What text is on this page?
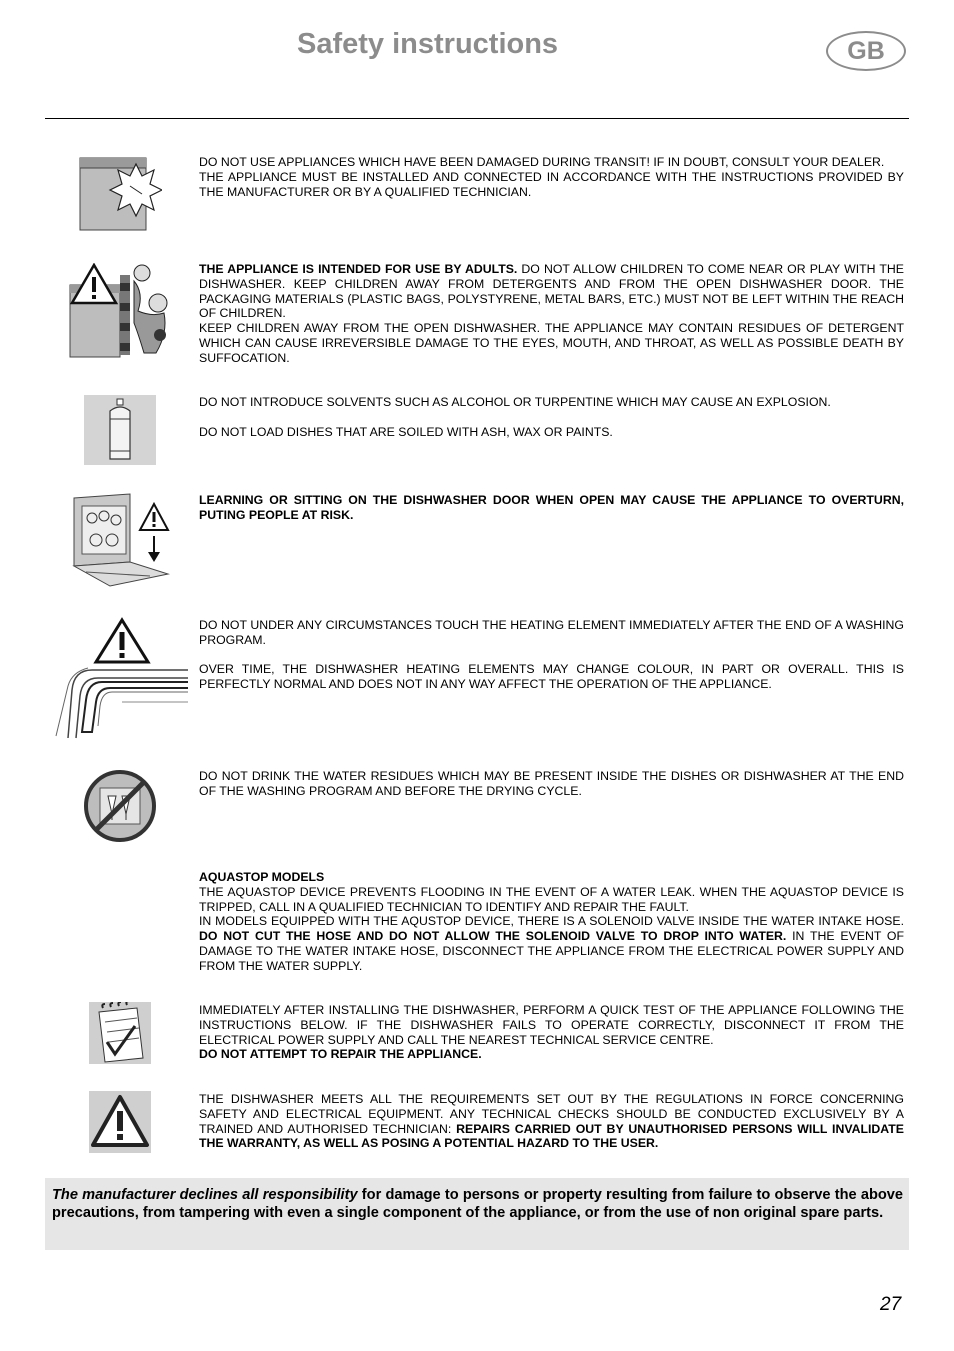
Safety instructions	GB

DO NOT USE APPLIANCES WHICH HAVE BEEN DAMAGED DURING TRANSIT! IF IN DOUBT, CONSULT YOUR DEALER.

THE APPLIANCE MUST BE INSTALLED AND CONNECTED IN ACCORDANCE WITH THE INSTRUCTIONS PROVIDED BY THE MANUFACTURER OR BY A QUALIFIED TECHNICIAN.

THE APPLIANCE IS INTENDED FOR USE BY ADULTS. DO NOT ALLOW CHILDREN TO COME NEAR OR PLAY WITH THE DISHWASHER. KEEP CHILDREN AWAY FROM DETERGENTS AND FROM THE OPEN DISHWASHER DOOR. THE PACKAGING MATERIALS (PLASTIC BAGS, POLYSTYRENE, METAL BARS, ETC.) MUST NOT BE LEFT WITHIN THE REACH OF CHILDREN.

KEEP CHILDREN AWAY FROM THE OPEN DISHWASHER. THE APPLIANCE MAY CONTAIN RESIDUES OF DETERGENT WHICH CAN CAUSE IRREVERSIBLE DAMAGE TO THE EYES, MOUTH, AND THROAT, AS WELL AS POSSIBLE DEATH BY SUFFOCATION.

DO NOT INTRODUCE SOLVENTS SUCH AS ALCOHOL OR TURPENTINE WHICH MAY CAUSE AN EXPLOSION.

DO NOT LOAD DISHES THAT ARE SOILED WITH ASH, WAX OR PAINTS.

LEARNING OR SITTING ON THE DISHWASHER DOOR WHEN OPEN MAY CAUSE THE APPLIANCE TO OVERTURN, PUTING PEOPLE AT RISK.

DO NOT UNDER ANY CIRCUMSTANCES TOUCH THE HEATING ELEMENT IMMEDIATELY AFTER THE END OF A WASHING PROGRAM.

OVER TIME, THE DISHWASHER HEATING ELEMENTS MAY CHANGE COLOUR, IN PART OR OVERALL. THIS IS PERFECTLY NORMAL AND DOES NOT IN ANY WAY AFFECT THE OPERATION OF THE APPLIANCE.

DO NOT DRINK THE WATER RESIDUES WHICH MAY BE PRESENT INSIDE THE DISHES OR DISHWASHER AT THE END OF THE WASHING PROGRAM AND BEFORE THE DRYING CYCLE.

AQUASTOP MODELS

THE AQUASTOP DEVICE PREVENTS FLOODING IN THE EVENT OF A WATER LEAK. WHEN THE AQUASTOP DEVICE IS TRIPPED, CALL IN A QUALIFIED TECHNICIAN TO IDENTIFY AND REPAIR THE FAULT.

IN MODELS EQUIPPED WITH THE AQUSTOP DEVICE, THERE IS A SOLENOID VALVE INSIDE THE WATER INTAKE HOSE. DO NOT CUT THE HOSE AND DO NOT ALLOW THE SOLENOID VALVE TO DROP INTO WATER. IN THE EVENT OF DAMAGE TO THE WATER INTAKE HOSE, DISCONNECT THE APPLIANCE FROM THE ELECTRICAL POWER SUPPLY AND FROM THE WATER SUPPLY.

IMMEDIATELY AFTER INSTALLING THE DISHWASHER, PERFORM A QUICK TEST OF THE APPLIANCE FOLLOWING THE INSTRUCTIONS BELOW. IF THE DISHWASHER FAILS TO OPERATE CORRECTLY, DISCONNECT IT FROM THE ELECTRICAL POWER SUPPLY AND CALL THE NEAREST TECHNICAL SERVICE CENTRE.

DO NOT ATTEMPT TO REPAIR THE APPLIANCE.

THE DISHWASHER MEETS ALL THE REQUIREMENTS SET OUT BY THE REGULATIONS IN FORCE CONCERNING SAFETY AND ELECTRICAL EQUIPMENT. ANY TECHNICAL CHECKS SHOULD BE CONDUCTED EXCLUSIVELY BY A TRAINED AND AUTHORISED TECHNICIAN: REPAIRS CARRIED OUT BY UNAUTHORISED PERSONS WILL INVALIDATE THE WARRANTY, AS WELL AS POSING A POTENTIAL HAZARD TO THE USER.

The manufacturer declines all responsibility for damage to persons or property resulting from failure to observe the above precautions, from tampering with even a single component of the appliance, or from the use of non original spare parts.
27
